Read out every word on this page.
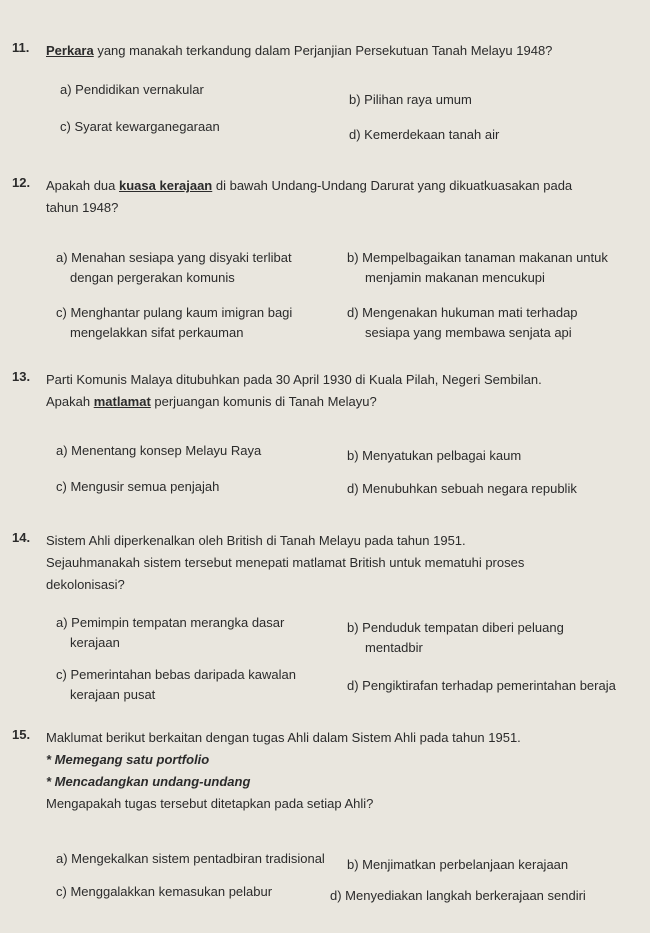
11. Perkara yang manakah terkandung dalam Perjanjian Persekutuan Tanah Melayu 1948?
a) Pendidikan vernakular
b) Pilihan raya umum
c) Syarat kewarganegaraan
d) Kemerdekaan tanah air
12. Apakah dua kuasa kerajaan di bawah Undang-Undang Darurat yang dikuatkuasakan pada
tahun 1948?
a) Menahan sesiapa yang disyaki terlibat
dengan pergerakan komunis
b) Mempelbagaikan tanaman makanan untuk
menjamin makanan mencukupi
c) Menghantar pulang kaum imigran bagi
mengelakkan sifat perkauman
d) Mengenakan hukuman mati terhadap
sesiapa yang membawa senjata api
13. Parti Komunis Malaya ditubuhkan pada 30 April 1930 di Kuala Pilah, Negeri Sembilan.
Apakah matlamat perjuangan komunis di Tanah Melayu?
a) Menentang konsep Melayu Raya	b) Menyatukan pelbagai kaum
c) Mengusir semua penjajah	d) Menubuhkan sebuah negara republik
14. Sistem Ahli diperkenalkan oleh British di Tanah Melayu pada tahun 1951.
Sejauhmanakah sistem tersebut menepati matlamat British untuk mematuhi proses
dekolonisasi?
a) Pemimpin tempatan merangka dasar
kerajaan
b) Penduduk tempatan diberi peluang
mentadbir
c) Pemerintahan bebas daripada kawalan
kerajaan pusat
d) Pengiktirafan terhadap pemerintahan beraja
15. Maklumat berikut berkaitan dengan tugas Ahli dalam Sistem Ahli pada tahun 1951.
* Memegang satu portfolio
* Mencadangkan undang-undang
Mengapakah tugas tersebut ditetapkan pada setiap Ahli?
a) Mengekalkan sistem pentadbiran tradisional b) Menjimatkan perbelanjaan kerajaan
c) Menggalakkan kemasukan pelabur	d) Menyediakan langkah berkerajaan sendiri
